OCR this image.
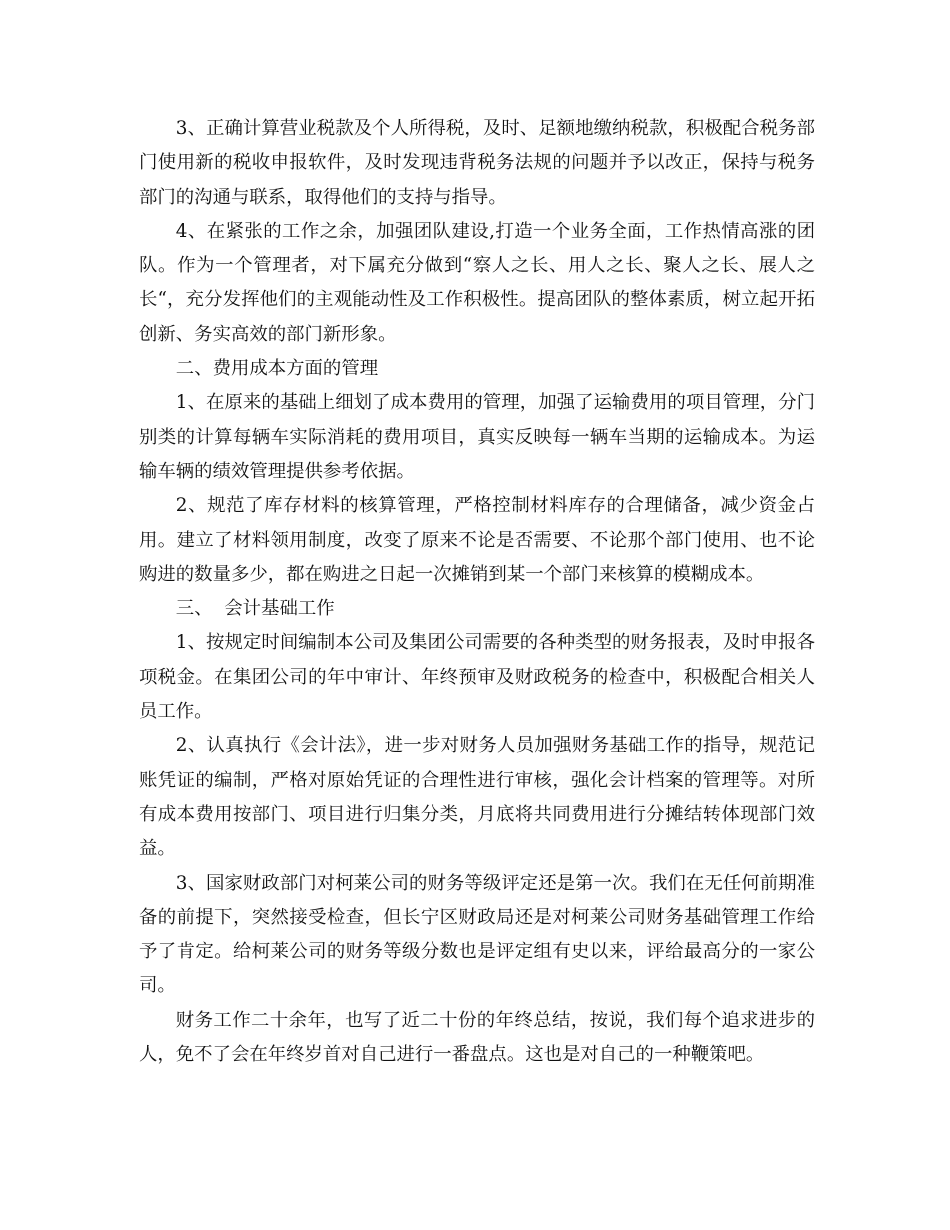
3、正确计算营业税款及个人所得税，及时、足额地缴纳税款，积极配合税务部门使用新的税收申报软件，及时发现违背税务法规的问题并予以改正，保持与税务部门的沟通与联系，取得他们的支持与指导。

4、在紧张的工作之余，加强团队建设,打造一个业务全面，工作热情高涨的团队。作为一个管理者，对下属充分做到“察人之长、用人之长、聚人之长、展人之长“，充分发挥他们的主观能动性及工作积极性。提高团队的整体素质，树立起开拓创新、务实高效的部门新形象。

二、费用成本方面的管理

1、在原来的基础上细划了成本费用的管理，加强了运输费用的项目管理，分门别类的计算每辆车实际消耗的费用项目，真实反映每一辆车当期的运输成本。为运输车辆的绩效管理提供参考依据。

2、规范了库存材料的核算管理，严格控制材料库存的合理储备，减少资金占用。建立了材料领用制度，改变了原来不论是否需要、不论那个部门使用、也不论购进的数量多少，都在购进之日起一次摊销到某一个部门来核算的模糊成本。

三、  会计基础工作

1、按规定时间编制本公司及集团公司需要的各种类型的财务报表，及时申报各项税金。在集团公司的年中审计、年终预审及财政税务的检查中，积极配合相关人员工作。

2、认真执行《会计法》，进一步对财务人员加强财务基础工作的指导，规范记账凭证的编制，严格对原始凭证的合理性进行审核，强化会计档案的管理等。对所有成本费用按部门、项目进行归集分类，月底将共同费用进行分摊结转体现部门效益。

3、国家财政部门对柯莱公司的财务等级评定还是第一次。我们在无任何前期准备的前提下，突然接受检查，但长宁区财政局还是对柯莱公司财务基础管理工作给予了肯定。给柯莱公司的财务等级分数也是评定组有史以来，评给最高分的一家公司。

财务工作二十余年，也写了近二十份的年终总结，按说，我们每个追求进步的人，免不了会在年终岁首对自己进行一番盘点。这也是对自己的一种鞭策吧。
